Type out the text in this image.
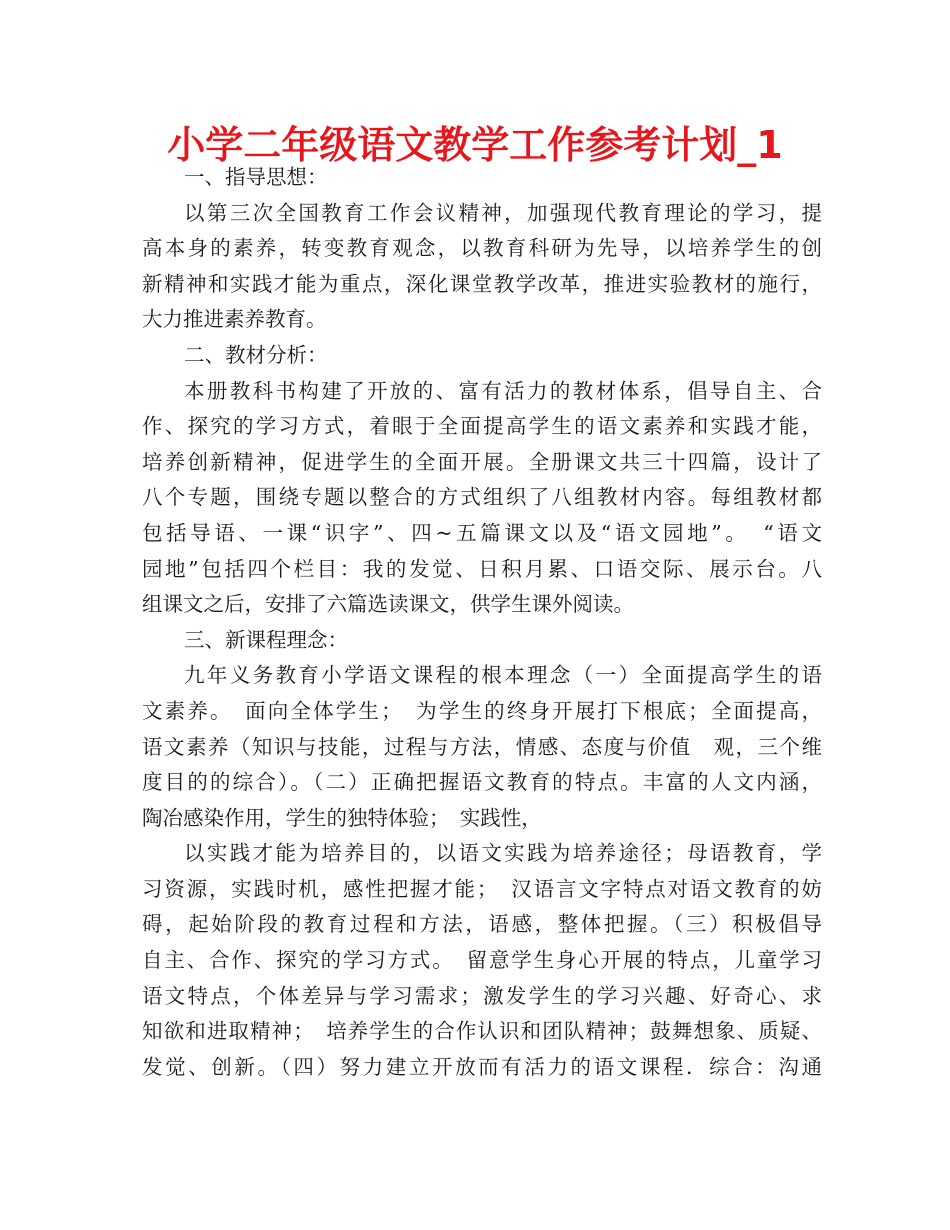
小学二年级语文教学工作参考计划_1
一、指导思想：
以第三次全国教育工作会议精神，加强现代教育理论的学习，提
高本身的素养，转变教育观念，以教育科研为先导，以培养学生的创
新精神和实践才能为重点，深化课堂教学改革，推进实验教材的施行，
大力推进素养教育。
二、教材分析：
本册教科书构建了开放的、富有活力的教材体系，倡导自主、合
作、探究的学习方式，着眼于全面提高学生的语文素养和实践才能，
培养创新精神，促进学生的全面开展。全册课文共三十四篇，设计了
八个专题，围绕专题以整合的方式组织了八组教材内容。每组教材都
包括导语、一课“识字”、四~五篇课文以及“语文园地”。　“语文
园地”包括四个栏目：我的发觉、日积月累、口语交际、展示台。八
组课文之后，安排了六篇选读课文，供学生课外阅读。
三、新课程理念：
九年义务教育小学语文课程的根本理念（一）全面提高学生的语
文素养。　面向全体学生；　为学生的终身开展打下根底；全面提高，
语文素养（知识与技能，过程与方法，情感、态度与价值　观，三个维
度目的的综合）。（二）正确把握语文教育的特点。丰富的人文内涵，
陶冶感染作用，学生的独特体验；　实践性，
以实践才能为培养目的，以语文实践为培养途径；母语教育，学
习资源，实践时机，感性把握才能；　汉语言文字特点对语文教育的妨
碍，起始阶段的教育过程和方法，语感，整体把握。（三）积极倡导
自主、合作、探究的学习方式。　留意学生身心开展的特点，儿童学习
语文特点，个体差异与学习需求；激发学生的学习兴趣、好奇心、求
知欲和进取精神；　培养学生的合作认识和团队精神；鼓舞想象、质疑、
发觉、创新。（四）努力建立开放而有活力的语文课程．综合：沟通
